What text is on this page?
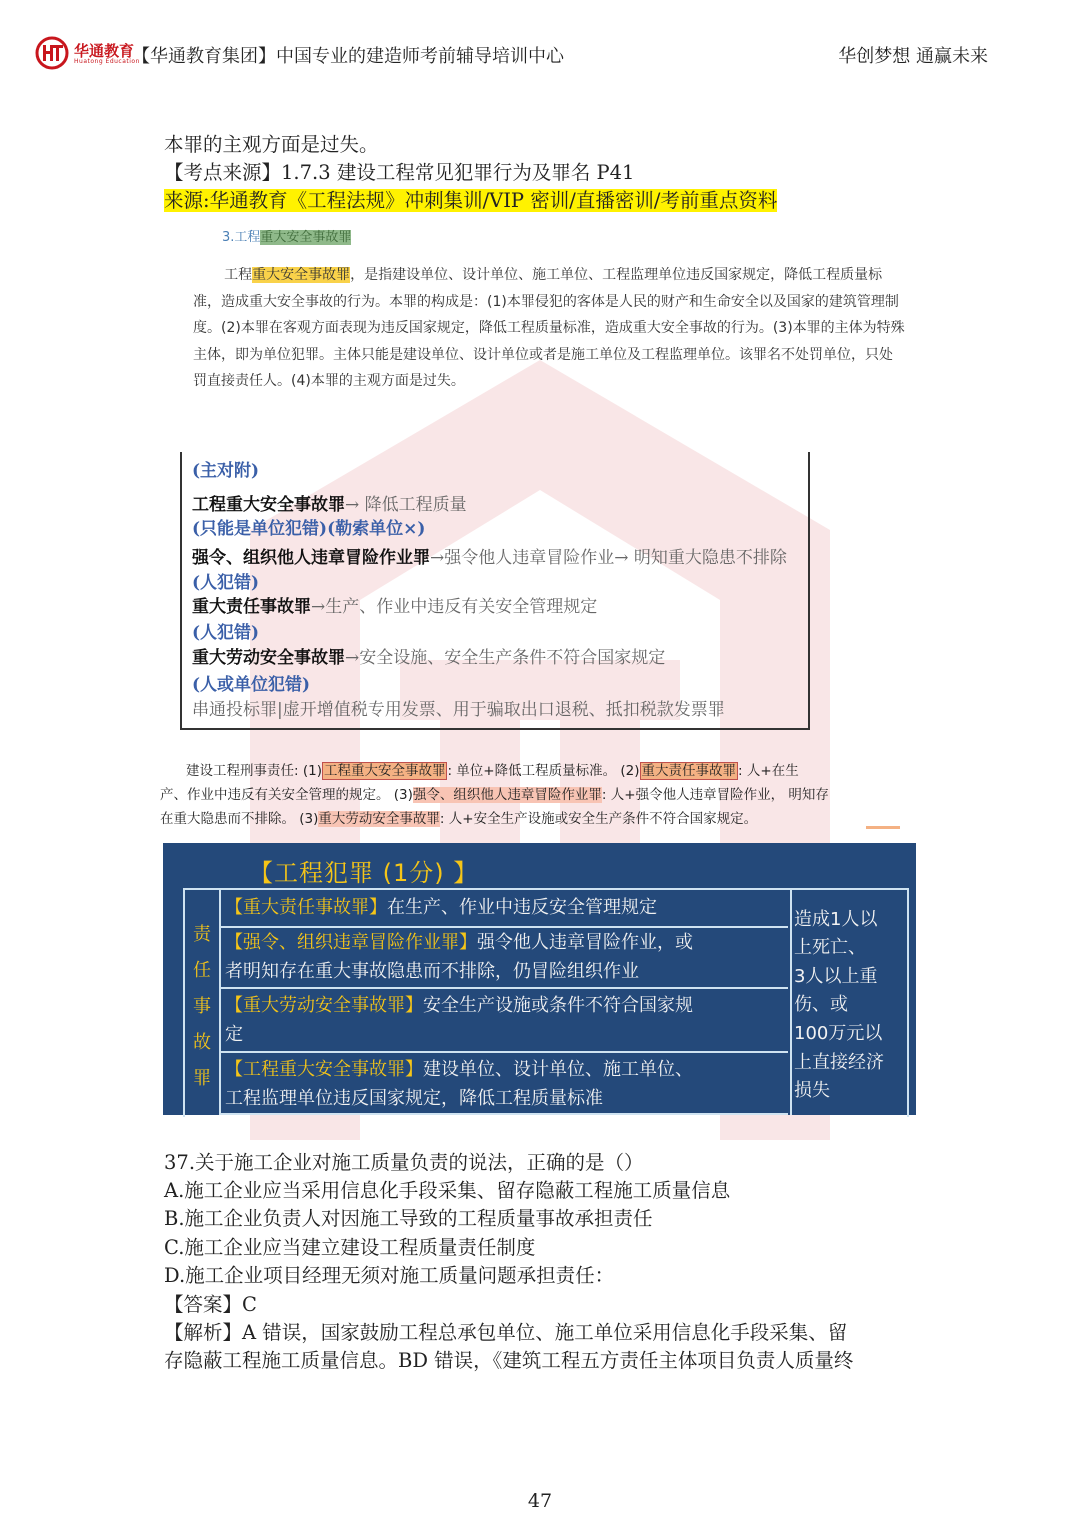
华通教育
Huatong Education
【华通教育集团】中国专业的建造师考前辅导培训中心	华创梦想 通赢未来
本罪的主观方面是过失。
【考点来源】1.7.3 建设工程常见犯罪行为及罪名 P41
来源:华通教育《工程法规》冲刺集训/VIP 密训/直播密训/考前重点资料
3.工程重大安全事故罪
工程重大安全事故罪，是指建设单位、设计单位、施工单位、工程监理单位违反国家规定，降低工程质量标准，造成重大安全事故的行为。本罪的构成是：(1)本罪侵犯的客体是人民的财产和生命安全以及国家的建筑管理制度。(2)本罪在客观方面表现为违反国家规定，降低工程质量标准，造成重大安全事故的行为。(3)本罪的主体为特殊主体，即为单位犯罪。主体只能是建设单位、设计单位或者是施工单位及工程监理单位。该罪名不处罚单位，只处罚直接责任人。(4)本罪的主观方面是过失。
(主对附)
工程重大安全事故罪→ 降低工程质量
(只能是单位犯错)(勒索单位×)
强令、组织他人违章冒险作业罪→强令他人违章冒险作业→ 明知重大隐患不排除
(人犯错)
重大责任事故罪→生产、作业中违反有关安全管理规定
(人犯错)
重大劳动安全事故罪→安全设施、安全生产条件不符合国家规定
(人或单位犯错)
串通投标罪|虚开增值税专用发票、用于骗取出口退税、抵扣税款发票罪
建设工程刑事责任: (1) 工程重大安全事故罪 : 单位+降低工程质量标准。 (2) 重大责任事故罪 : 人+在生
产、作业中违反有关安全管理的规定。 (3)强令、组织他人违章冒险作业罪: 人+强令他人违章冒险作业， 明知存
在重大隐患而不排除。 (3)重大劳动安全事故罪: 人+安全生产设施或安全生产条件不符合国家规定。
【工程犯罪 (1分) 】
责
任
事
故
罪
【重大责任事故罪】在生产、作业中违反安全管理规定
【强令、组织违章冒险作业罪】强令他人违章冒险作业，或
者明知存在重大事故隐患而不排除，仍冒险组织作业
【重大劳动安全事故罪】安全生产设施或条件不符合国家规
定
【工程重大安全事故罪】建设单位、设计单位、施工单位、
工程监理单位违反国家规定，降低工程质量标准
造成1人以
上死亡、
3人以上重
伤、或
100万元以
上直接经济
损失
37.关于施工企业对施工质量负责的说法，正确的是（）
A.施工企业应当采用信息化手段采集、留存隐蔽工程施工质量信息
B.施工企业负责人对因施工导致的工程质量事故承担责任
C.施工企业应当建立建设工程质量责任制度
D.施工企业项目经理无须对施工质量问题承担责任：
【答案】C
【解析】A 错误，国家鼓励工程总承包单位、施工单位采用信息化手段采集、留
存隐蔽工程施工质量信息。BD 错误，《建筑工程五方责任主体项目负责人质量终
47
